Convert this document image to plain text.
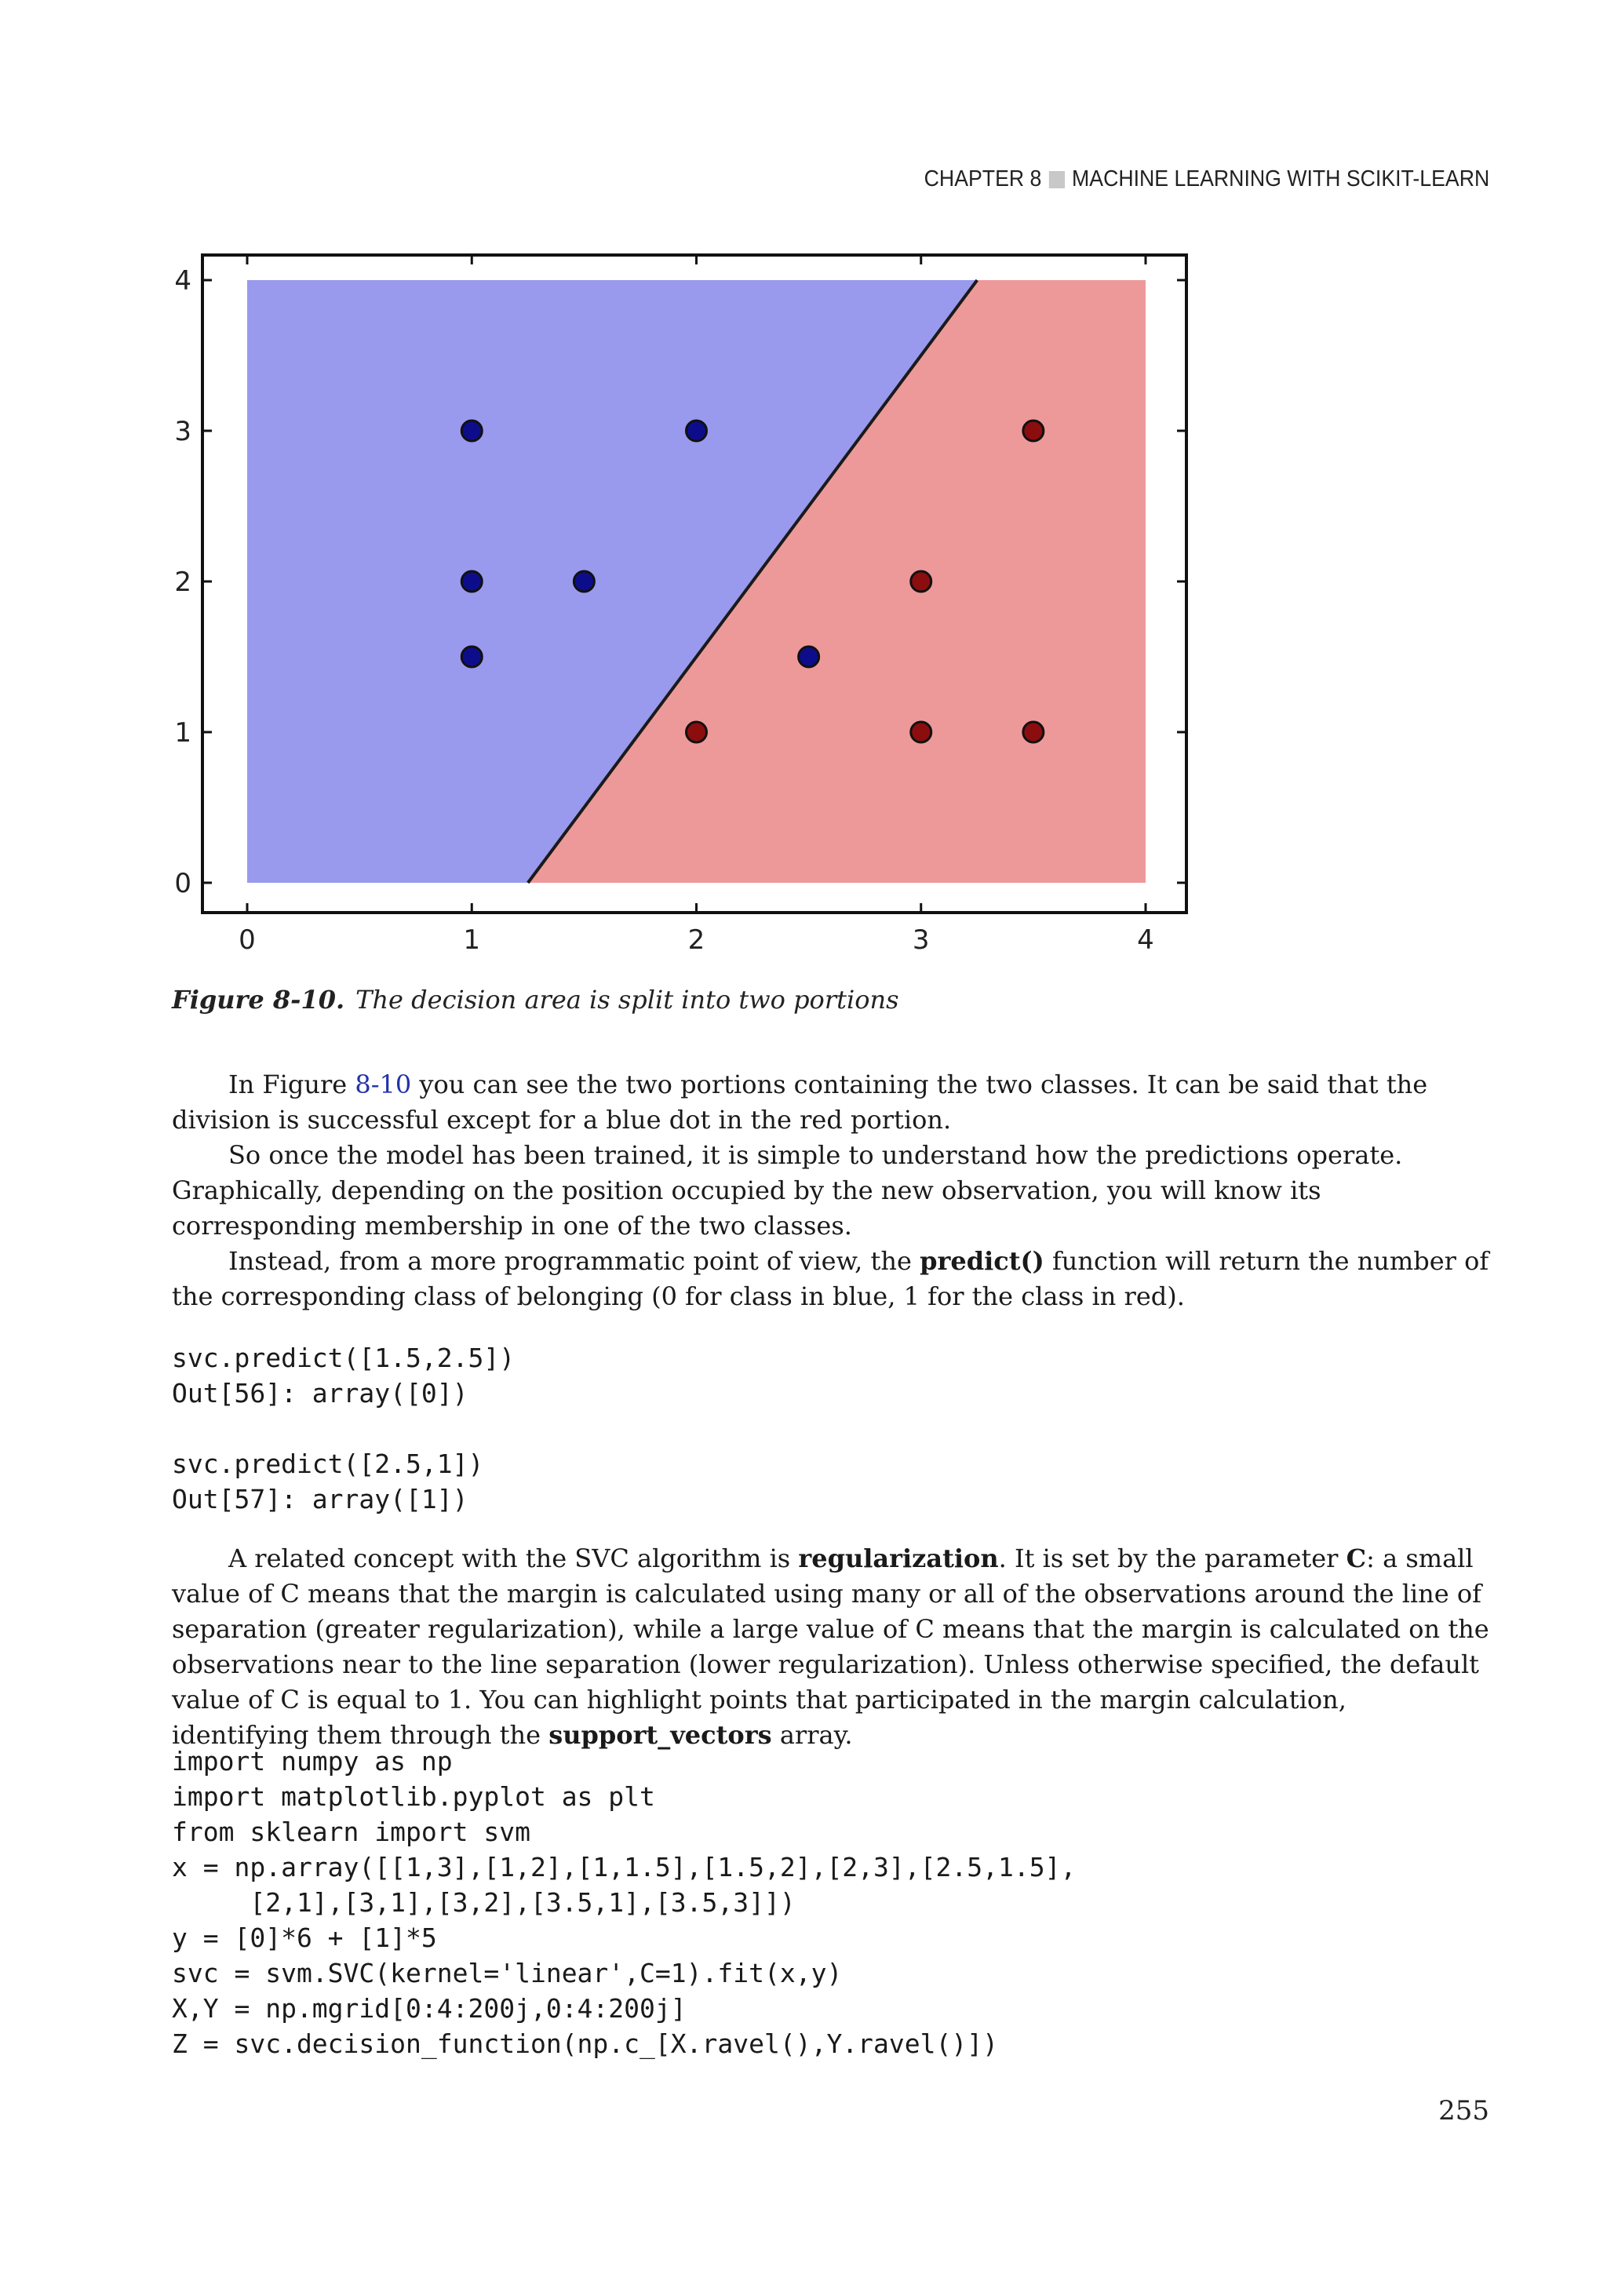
CHAPTER 8 MACHINE LEARNING WITH SCIKIT-LEARN
0	1	2	3	4
0
1
2
3
4
Figure 8-10. The decision area is split into two portions

In Figure 8-10 you can see the two portions containing the two classes. It can be said that the division is successful except for a blue dot in the red portion.

So once the model has been trained, it is simple to understand how the predictions operate. Graphically, depending on the position occupied by the new observation, you will know its corresponding membership in one of the two classes.

Instead, from a more programmatic point of view, the predict() function will return the number of the corresponding class of belonging (0 for class in blue, 1 for the class in red).

svc.predict([1.5,2.5])
Out[56]: array([0])

svc.predict([2.5,1])
Out[57]: array([1])

A related concept with the SVC algorithm is regularization. It is set by the parameter C: a small value of C means that the margin is calculated using many or all of the observations around the line of separation (greater regularization), while a large value of C means that the margin is calculated on the observations near to the line separation (lower regularization). Unless otherwise specified, the default value of C is equal to 1. You can highlight points that participated in the margin calculation, identifying them through the support_vectors array.

import numpy as np
import matplotlib.pyplot as plt
from sklearn import svm
x = np.array([[1,3],[1,2],[1,1.5],[1.5,2],[2,3],[2.5,1.5],
[2,1],[3,1],[3,2],[3.5,1],[3.5,3]])
y = [0]*6 + [1]*5
svc = svm.SVC(kernel='linear',C=1).fit(x,y)
X,Y = np.mgrid[0:4:200j,0:4:200j]
Z = svc.decision_function(np.c_[X.ravel(),Y.ravel()])
255
